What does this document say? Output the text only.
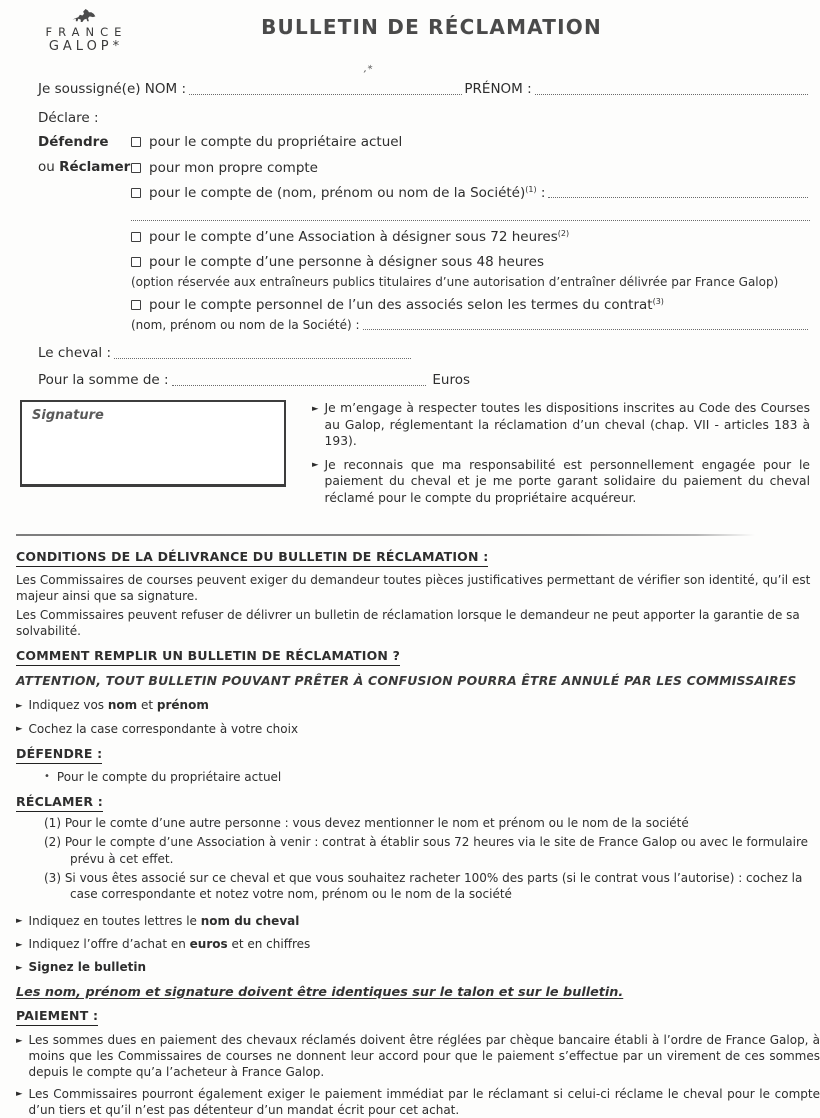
FRANCE
GALOP*
BULLETIN DE RÉCLAMATION
Je soussigné(e) NOM :	PRÉNOM :
,*
Déclare :
Défendre
ou Réclamer
pour le compte du propriétaire actuel
pour mon propre compte
pour le compte de (nom, prénom ou nom de la Société)$^{(1)}$ :
pour le compte d’une Association à désigner sous 72 heures$^{(2)}$
pour le compte d’une personne à désigner sous 48 heures
(option réservée aux entraîneurs publics titulaires d’une autorisation d’entraîner délivrée par France Galop)
pour le compte personnel de l’un des associés selon les termes du contrat$^{(3)}$
(nom, prénom ou nom de la Société) :
Le cheval :
Pour la somme de :	Euros
Signature	► Je m’engage à respecter toutes les dispositions inscrites au Code des Courses au Galop, réglementant la réclamation d’un cheval (chap. VII - articles 183 à 193).

► Je reconnais que ma responsabilité est personnellement engagée pour le paiement du cheval et je me porte garant solidaire du paiement du cheval réclamé pour le compte du propriétaire acquéreur.

CONDITIONS DE LA DÉLIVRANCE DU BULLETIN DE RÉCLAMATION :

Les Commissaires de courses peuvent exiger du demandeur toutes pièces justificatives permettant de vérifier son identité, qu’il est majeur ainsi que sa signature.

Les Commissaires peuvent refuser de délivrer un bulletin de réclamation lorsque le demandeur ne peut apporter la garantie de sa solvabilité.

COMMENT REMPLIR UN BULLETIN DE RÉCLAMATION ?
ATTENTION, TOUT BULLETIN POUVANT PRÊTER À CONFUSION POURRA ÊTRE ANNULÉ PAR LES COMMISSAIRES
► Indiquez vos nom et prénom
► Cochez la case correspondante à votre choix
DÉFENDRE :
• Pour le compte du propriétaire actuel
RÉCLAMER :
(1) Pour le comte d’une autre personne : vous devez mentionner le nom et prénom ou le nom de la société
(2) Pour le compte d’une Association à venir : contrat à établir sous 72 heures via le site de France Galop ou avec le formulaire prévu à cet effet.
(3) Si vous êtes associé sur ce cheval et que vous souhaitez racheter 100% des parts (si le contrat vous l’autorise) : cochez la case correspondante et notez votre nom, prénom ou le nom de la société
► Indiquez en toutes lettres le nom du cheval
► Indiquez l’offre d’achat en euros et en chiffres
► Signez le bulletin
Les nom, prénom et signature doivent être identiques sur le talon et sur le bulletin.
PAIEMENT :
► Les sommes dues en paiement des chevaux réclamés doivent être réglées par chèque bancaire établi à l’ordre de France Galop, à moins que les Commissaires de courses ne donnent leur accord pour que le paiement s’effectue par un virement de ces sommes depuis le compte qu’a l’acheteur à France Galop.

► Les Commissaires pourront également exiger le paiement immédiat par le réclamant si celui-ci réclame le cheval pour le compte d’un tiers et qu’il n’est pas détenteur d’un mandat écrit pour cet achat.
